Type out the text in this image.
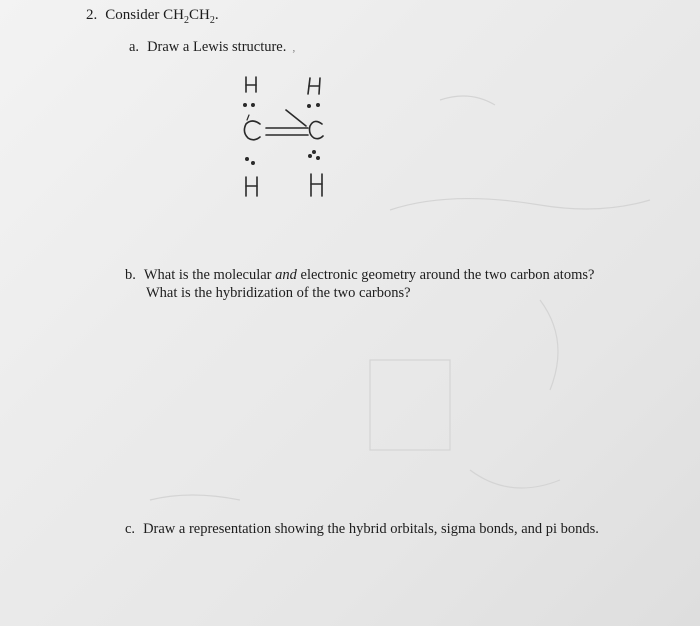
2. Consider $CH_2CH_2$.
a. Draw a Lewis structure. ,
b. What is the molecular and electronic geometry around the two carbon atoms?
What is the hybridization of the two carbons?
c. Draw a representation showing the hybrid orbitals, sigma bonds, and pi bonds.
